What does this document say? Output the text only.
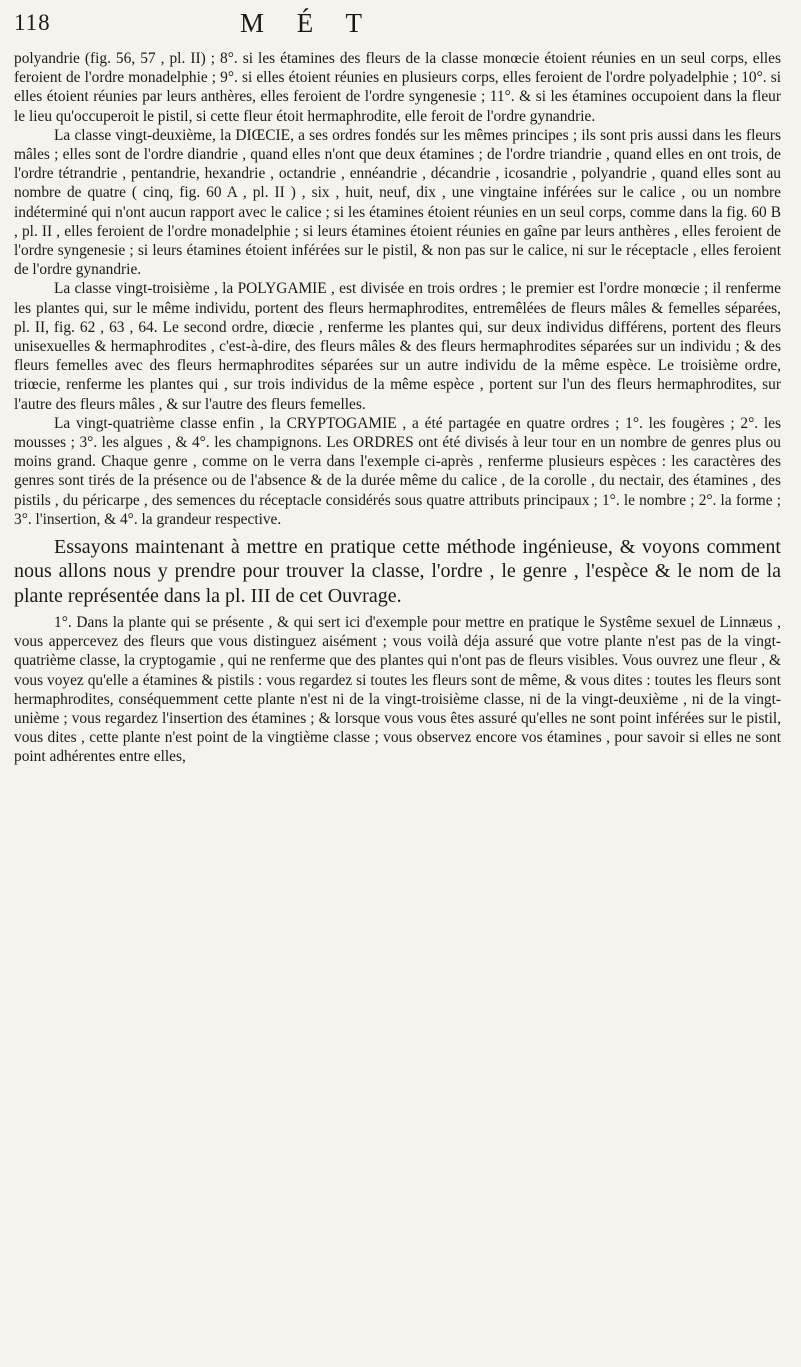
118	M É T

polyandrie (fig. 56, 57 , pl. II) ; 8°. si les étamines des fleurs de la classe monœcie étoient réunies en un seul corps, elles feroient de l'ordre monadelphie ; 9°. si elles étoient réunies en plusieurs corps, elles feroient de l'ordre polyadelphie ; 10°. si elles étoient réunies par leurs anthères, elles feroient de l'ordre syngenesie ; 11°. & si les étamines occupoient dans la fleur le lieu qu'occuperoit le pistil, si cette fleur étoit hermaphrodite, elle feroit de l'ordre gynandrie.

La classe vingt-deuxième, la DIŒCIE, a ses ordres fondés sur les mêmes principes ; ils sont pris aussi dans les fleurs mâles ; elles sont de l'ordre diandrie , quand elles n'ont que deux étamines ; de l'ordre triandrie , quand elles en ont trois, de l'ordre tétrandrie , pentandrie, hexandrie , octandrie , ennéandrie , décandrie , icosandrie , polyandrie , quand elles sont au nombre de quatre ( cinq, fig. 60 A , pl. II ) , six , huit, neuf, dix , une vingtaine inférées sur le calice , ou un nombre indéterminé qui n'ont aucun rapport avec le calice ; si les étamines étoient réunies en un seul corps, comme dans la fig. 60 B , pl. II , elles feroient de l'ordre monadelphie ; si leurs étamines étoient réunies en gaîne par leurs anthères , elles feroient de l'ordre syngenesie ; si leurs étamines étoient inférées sur le pistil, & non pas sur le calice, ni sur le réceptacle , elles feroient de l'ordre gynandrie.

La classe vingt-troisième , la POLYGAMIE , est divisée en trois ordres ; le premier est l'ordre monœcie ; il renferme les plantes qui, sur le même individu, portent des fleurs hermaphrodites, entremêlées de fleurs mâles & femelles séparées, pl. II, fig. 62 , 63 , 64. Le second ordre, diœcie , renferme les plantes qui, sur deux individus différens, portent des fleurs unisexuelles & hermaphrodites , c'est-à-dire, des fleurs mâles & des fleurs hermaphrodites séparées sur un individu ; & des fleurs femelles avec des fleurs hermaphrodites séparées sur un autre individu de la même espèce. Le troisième ordre, triœcie, renferme les plantes qui , sur trois individus de la même espèce , portent sur l'un des fleurs hermaphrodites, sur l'autre des fleurs mâles , & sur l'autre des fleurs femelles.

La vingt-quatrième classe enfin , la CRYPTOGAMIE , a été partagée en quatre ordres ; 1°. les fougères ; 2°. les mousses ; 3°. les algues , & 4°. les champignons. Les ORDRES ont été divisés à leur tour en un nombre de genres plus ou moins grand. Chaque genre , comme on le verra dans l'exemple ci-après , renferme plusieurs espèces : les caractères des genres sont tirés de la présence ou de l'absence & de la durée même du calice , de la corolle , du nectair, des étamines , des pistils , du péricarpe , des semences du réceptacle considérés sous quatre attributs principaux ; 1°. le nombre ; 2°. la forme ; 3°. l'insertion, & 4°. la grandeur respective.

Essayons maintenant à mettre en pratique cette méthode ingénieuse, & voyons comment nous allons nous y prendre pour trouver la classe, l'ordre , le genre , l'espèce & le nom de la plante représentée dans la pl. III de cet Ouvrage.

1°. Dans la plante qui se présente , & qui sert ici d'exemple pour mettre en pratique le Systême sexuel de Linnæus , vous appercevez des fleurs que vous distinguez aisément ; vous voilà déja assuré que votre plante n'est pas de la vingt-quatrième classe, la cryptogamie , qui ne renferme que des plantes qui n'ont pas de fleurs visibles. Vous ouvrez une fleur , & vous voyez qu'elle a étamines & pistils : vous regardez si toutes les fleurs sont de même, & vous dites : toutes les fleurs sont hermaphrodites, conséquemment cette plante n'est ni de la vingt-troisième classe, ni de la vingt-deuxième , ni de la vingt-unième ; vous regardez l'insertion des étamines ; & lorsque vous vous êtes assuré qu'elles ne sont point inférées sur le pistil, vous dites , cette plante n'est point de la vingtième classe ; vous observez encore vos étamines , pour savoir si elles ne sont point adhérentes entre elles,
